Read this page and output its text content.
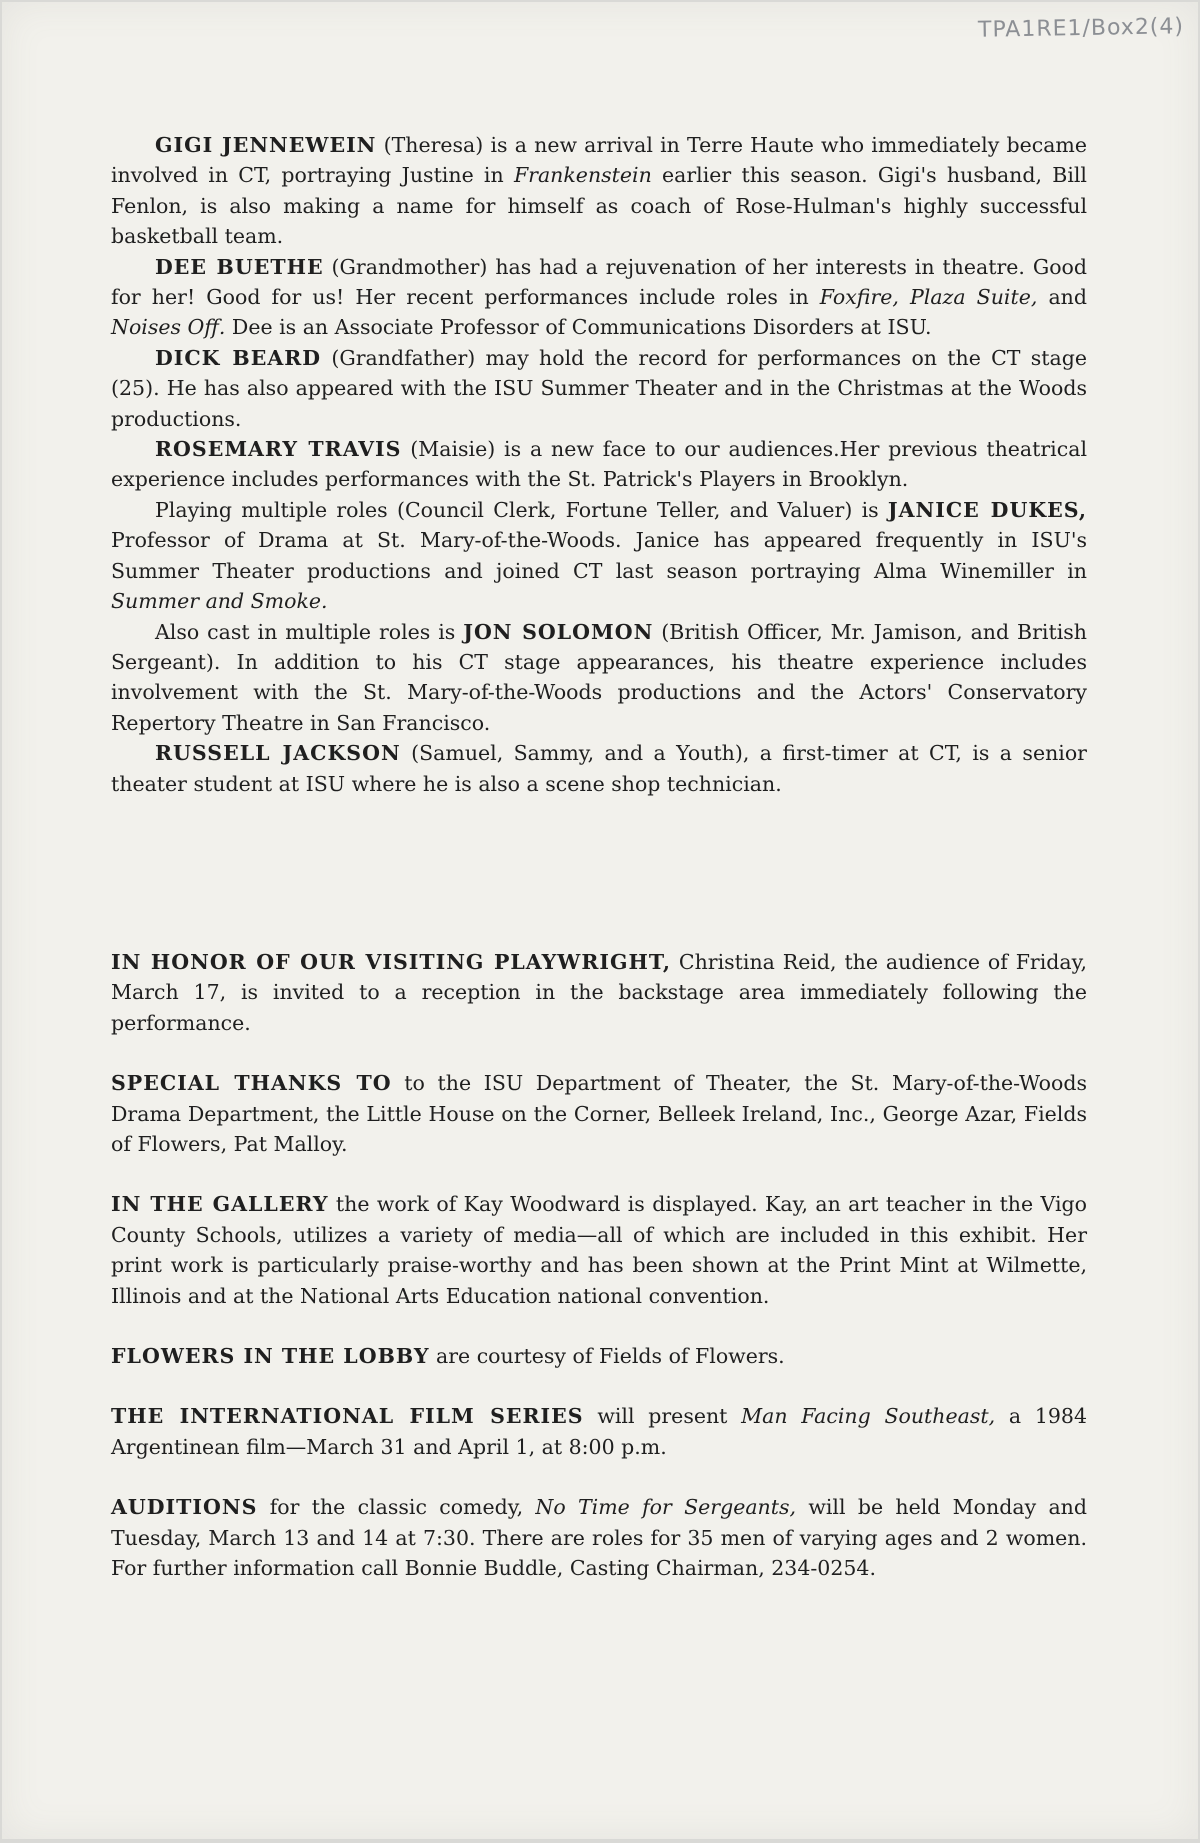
TPA1RE1/Box2(4)

GIGI JENNEWEIN (Theresa) is a new arrival in Terre Haute who immediately became involved in CT, portraying Justine in Frankenstein earlier this season. Gigi's husband, Bill Fenlon, is also making a name for himself as coach of Rose-Hulman's highly successful basketball team.

DEE BUETHE (Grandmother) has had a rejuvenation of her interests in theatre. Good for her! Good for us! Her recent performances include roles in Foxfire, Plaza Suite, and Noises Off. Dee is an Associate Professor of Communications Disorders at ISU.

DICK BEARD (Grandfather) may hold the record for performances on the CT stage (25). He has also appeared with the ISU Summer Theater and in the Christmas at the Woods productions.

ROSEMARY TRAVIS (Maisie) is a new face to our audiences.Her previous theatrical experience includes performances with the St. Patrick's Players in Brooklyn.

Playing multiple roles (Council Clerk, Fortune Teller, and Valuer) is JANICE DUKES, Professor of Drama at St. Mary-of-the-Woods. Janice has appeared frequently in ISU's Summer Theater productions and joined CT last season portraying Alma Winemiller in Summer and Smoke.

Also cast in multiple roles is JON SOLOMON (British Officer, Mr. Jamison, and British Sergeant). In addition to his CT stage appearances, his theatre experience includes involvement with the St. Mary-of-the-Woods productions and the Actors' Conservatory Repertory Theatre in San Francisco.

RUSSELL JACKSON (Samuel, Sammy, and a Youth), a first-timer at CT, is a senior theater student at ISU where he is also a scene shop technician.

IN HONOR OF OUR VISITING PLAYWRIGHT, Christina Reid, the audience of Friday, March 17, is invited to a reception in the backstage area immediately following the performance.

SPECIAL THANKS TO to the ISU Department of Theater, the St. Mary-of-the-Woods Drama Department, the Little House on the Corner, Belleek Ireland, Inc., George Azar, Fields of Flowers, Pat Malloy.

IN THE GALLERY the work of Kay Woodward is displayed. Kay, an art teacher in the Vigo County Schools, utilizes a variety of media—all of which are included in this exhibit. Her print work is particularly praise-worthy and has been shown at the Print Mint at Wilmette, Illinois and at the National Arts Education national convention.

FLOWERS IN THE LOBBY are courtesy of Fields of Flowers.

THE INTERNATIONAL FILM SERIES will present Man Facing Southeast, a 1984 Argentinean film—March 31 and April 1, at 8:00 p.m.

AUDITIONS for the classic comedy, No Time for Sergeants, will be held Monday and Tuesday, March 13 and 14 at 7:30. There are roles for 35 men of varying ages and 2 women. For further information call Bonnie Buddle, Casting Chairman, 234-0254.
